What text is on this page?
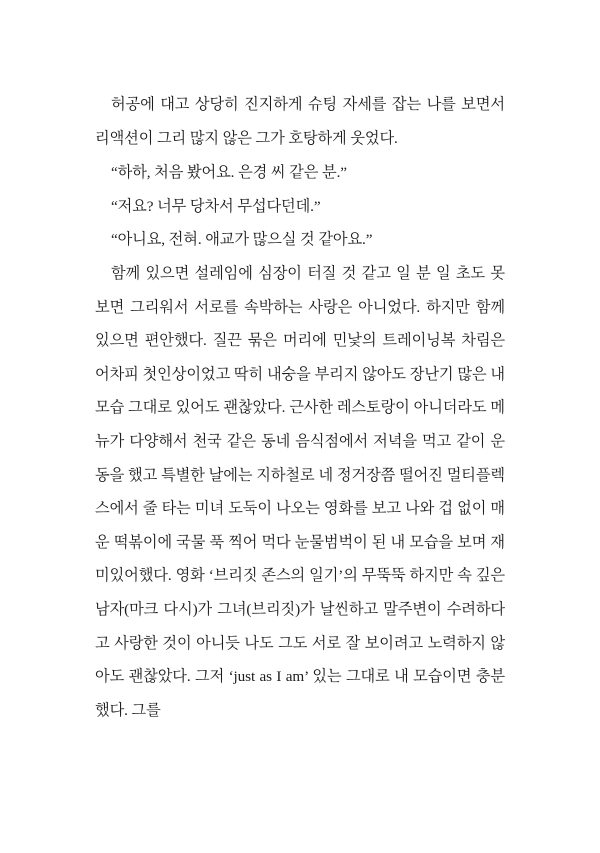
허공에 대고 상당히 진지하게 슈팅 자세를 잡는 나를 보면서 리액션이 그리 많지 않은 그가 호탕하게 웃었다.

“하하, 처음 봤어요. 은경 씨 같은 분.”

“저요? 너무 당차서 무섭다던데.”

“아니요, 전혀. 애교가 많으실 것 같아요.”

함께 있으면 설레임에 심장이 터질 것 같고 일 분 일 초도 못 보면 그리워서 서로를 속박하는 사랑은 아니었다. 하지만 함께 있으면 편안했다. 질끈 묶은 머리에 민낯의 트레이닝복 차림은 어차피 첫인상이었고 딱히 내숭을 부리지 않아도 장난기 많은 내 모습 그대로 있어도 괜찮았다. 근사한 레스토랑이 아니더라도 메뉴가 다양해서 천국 같은 동네 음식점에서 저녁을 먹고 같이 운동을 했고 특별한 날에는 지하철로 네 정거장쯤 떨어진 멀티플렉스에서 줄 타는 미녀 도둑이 나오는 영화를 보고 나와 겁 없이 매운 떡볶이에 국물 푹 찍어 먹다 눈물범벅이 된 내 모습을 보며 재미있어했다. 영화 ‘브리짓 존스의 일기’의 무뚝뚝 하지만 속 깊은 남자(마크 다시)가 그녀(브리짓)가 날씬하고 말주변이 수려하다고 사랑한 것이 아니듯 나도 그도 서로 잘 보이려고 노력하지 않아도 괜찮았다. 그저 ‘just as I am’ 있는 그대로 내 모습이면 충분했다. 그를
